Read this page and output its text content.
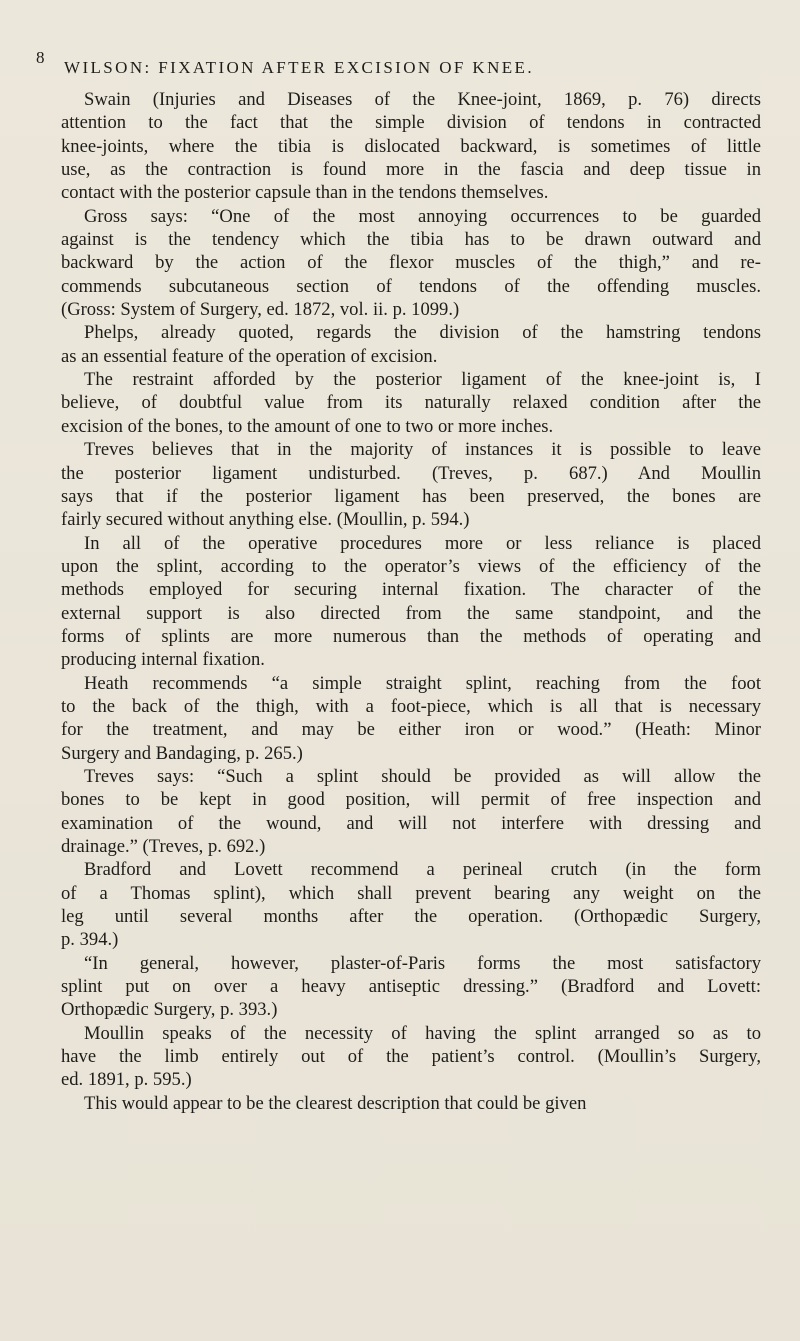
8
WILSON: FIXATION AFTER EXCISION OF KNEE.
Swain (Injuries and Diseases of the Knee-joint, 1869, p. 76) directs
attention to the fact that the simple division of tendons in contracted
knee-joints, where the tibia is dislocated backward, is sometimes of little
use, as the contraction is found more in the fascia and deep tissue in
contact with the posterior capsule than in the tendons themselves.
Gross says: “One of the most annoying occurrences to be guarded
against is the tendency which the tibia has to be drawn outward and
backward by the action of the flexor muscles of the thigh,” and re-
commends subcutaneous section of tendons of the offending muscles.
(Gross: System of Surgery, ed. 1872, vol. ii. p. 1099.)
Phelps, already quoted, regards the division of the hamstring tendons
as an essential feature of the operation of excision.
The restraint afforded by the posterior ligament of the knee-joint is, I
believe, of doubtful value from its naturally relaxed condition after the
excision of the bones, to the amount of one to two or more inches.
Treves believes that in the majority of instances it is possible to leave
the posterior ligament undisturbed. (Treves, p. 687.) And Moullin
says that if the posterior ligament has been preserved, the bones are
fairly secured without anything else. (Moullin, p. 594.)
In all of the operative procedures more or less reliance is placed
upon the splint, according to the operator’s views of the efficiency of the
methods employed for securing internal fixation. The character of the
external support is also directed from the same standpoint, and the
forms of splints are more numerous than the methods of operating and
producing internal fixation.
Heath recommends “a simple straight splint, reaching from the foot
to the back of the thigh, with a foot-piece, which is all that is necessary
for the treatment, and may be either iron or wood.” (Heath: Minor
Surgery and Bandaging, p. 265.)
Treves says: “Such a splint should be provided as will allow the
bones to be kept in good position, will permit of free inspection and
examination of the wound, and will not interfere with dressing and
drainage.” (Treves, p. 692.)
Bradford and Lovett recommend a perineal crutch (in the form
of a Thomas splint), which shall prevent bearing any weight on the
leg until several months after the operation. (Orthopædic Surgery,
p. 394.)
“In general, however, plaster-of-Paris forms the most satisfactory
splint put on over a heavy antiseptic dressing.” (Bradford and Lovett:
Orthopædic Surgery, p. 393.)
Moullin speaks of the necessity of having the splint arranged so as to
have the limb entirely out of the patient’s control. (Moullin’s Surgery,
ed. 1891, p. 595.)
This would appear to be the clearest description that could be given
